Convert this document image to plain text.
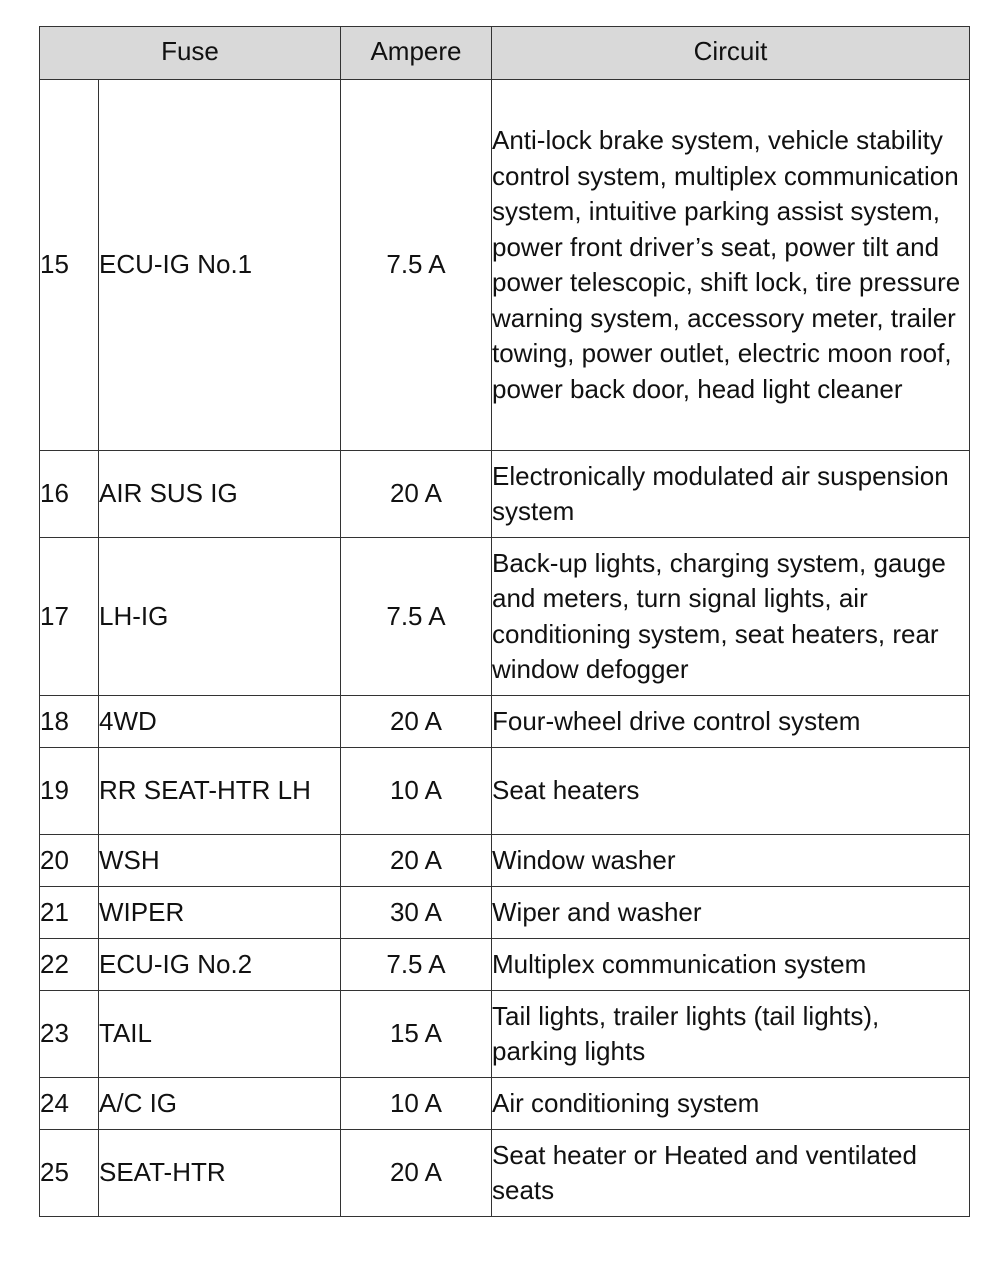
Fuse		Ampere	Circuit
15	ECU-IG No.1	7.5 A	Anti-lock brake system, vehicle stability control system, multiplex communication system, intuitive parking assist system, power front driver’s seat, power tilt and power telescopic, shift lock, tire pressure warning system, accessory meter, trailer towing, power outlet, electric moon roof, power back door, head light cleaner
16	AIR SUS IG	20 A	Electronically modulated air suspension system
17	LH-IG	7.5 A	Back-up lights, charging system, gauge and meters, turn signal lights, air conditioning system, seat heaters, rear window defogger
18	4WD	20 A	Four-wheel drive control system
19	RR SEAT-HTR LH	10 A	Seat heaters
20	WSH	20 A	Window washer
21	WIPER	30 A	Wiper and washer
22	ECU-IG No.2	7.5 A	Multiplex communication system
23	TAIL	15 A	Tail lights, trailer lights (tail lights), parking lights
24	A/C IG	10 A	Air conditioning system
25	SEAT-HTR	20 A	Seat heater or Heated and ventilated seats
